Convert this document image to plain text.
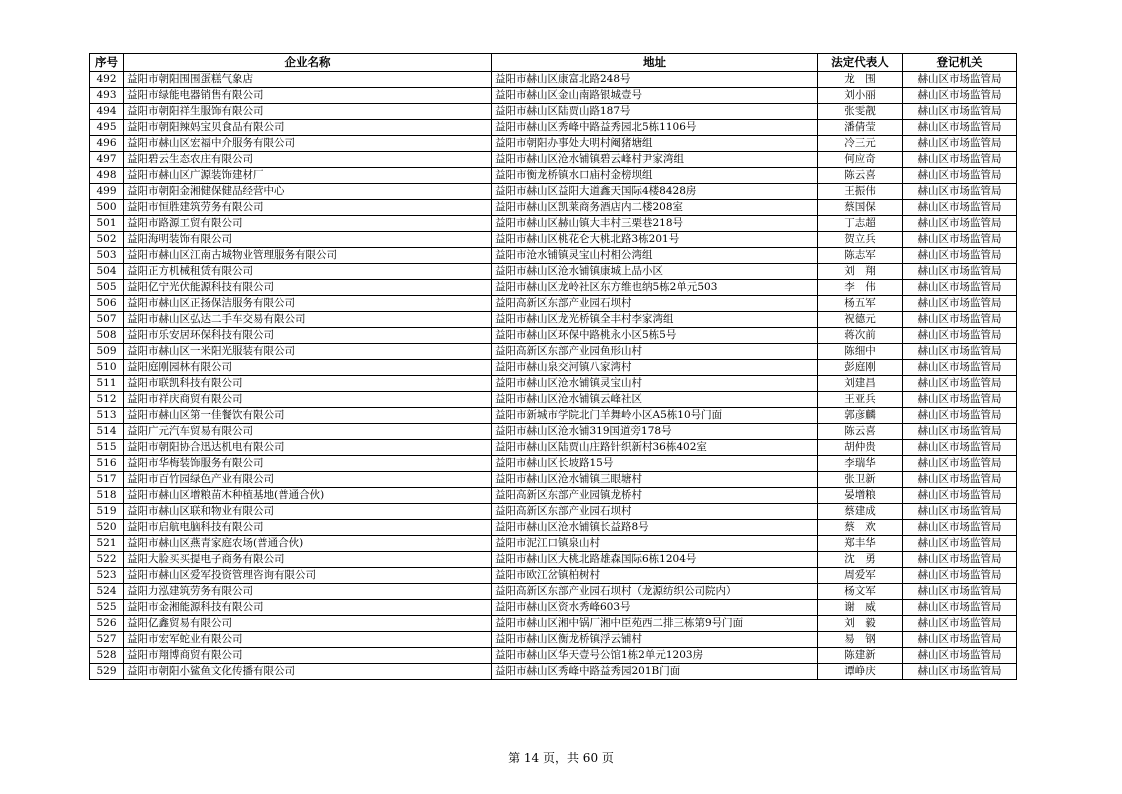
序号	企业名称	地址	法定代表人	登记机关
492	益阳市朝阳围围蛋糕气象店	益阳市赫山区康富北路248号	龙　围	赫山区市场监管局
493	益阳市绿能电器销售有限公司	益阳市赫山区金山南路银城壹号	刘小丽	赫山区市场监管局
494	益阳市朝阳祥生服饰有限公司	益阳市赫山区陆贾山路187号	张雯靓	赫山区市场监管局
495	益阳市朝阳辣妈宝贝食品有限公司	益阳市赫山区秀峰中路益秀园北5栋1106号	潘倩莹	赫山区市场监管局
496	益阳市赫山区宏福中介服务有限公司	益阳市朝阳办事处大明村阉猪塘组	冷三元	赫山区市场监管局
497	益阳碧云生态农庄有限公司	益阳市赫山区沧水铺镇碧云峰村尹家湾组	何应奇	赫山区市场监管局
498	益阳市赫山区广源装饰建材厂	益阳市衡龙桥镇水口庙村金榜坝组	陈云喜	赫山区市场监管局
499	益阳市朝阳金湘健保健品经营中心	益阳市赫山区益阳大道鑫天国际4楼8428房	王振伟	赫山区市场监管局
500	益阳市恒胜建筑劳务有限公司	益阳市赫山区凯莱商务酒店内二楼208室	蔡国保	赫山区市场监管局
501	益阳市路源工贸有限公司	益阳市赫山区赫山镇大丰村三栗巷218号	丁志超	赫山区市场监管局
502	益阳海明装饰有限公司	益阳市赫山区桃花仑大桃北路3栋201号	贺立兵	赫山区市场监管局
503	益阳市赫山区江南古城物业管理服务有限公司	益阳市沧水铺镇灵宝山村相公湾组	陈志军	赫山区市场监管局
504	益阳正方机械租赁有限公司	益阳市赫山区沧水铺镇康城上品小区	刘　翔	赫山区市场监管局
505	益阳亿宁光伏能源科技有限公司	益阳市赫山区龙岭社区东方维也纳5栋2单元503	李　伟	赫山区市场监管局
506	益阳市赫山区正扬保洁服务有限公司	益阳高新区东部产业园石坝村	杨五军	赫山区市场监管局
507	益阳市赫山区弘达二手车交易有限公司	益阳市赫山区龙光桥镇全丰村李家湾组	祝德元	赫山区市场监管局
508	益阳市乐安居环保科技有限公司	益阳市赫山区环保中路桃永小区5栋5号	蒋次前	赫山区市场监管局
509	益阳市赫山区一米阳光服装有限公司	益阳高新区东部产业园鱼形山村	陈细中	赫山区市场监管局
510	益阳庭刚园林有限公司	益阳市赫山泉交河镇八家湾村	彭庭刚	赫山区市场监管局
511	益阳市联凯科技有限公司	益阳市赫山区沧水铺镇灵宝山村	刘建昌	赫山区市场监管局
512	益阳市祥庆商贸有限公司	益阳市赫山区沧水铺镇云峰社区	王亚兵	赫山区市场监管局
513	益阳市赫山区第一佳餐饮有限公司	益阳市新城市学院北门羊舞岭小区A5栋10号门面	郭彦麟	赫山区市场监管局
514	益阳广元汽车贸易有限公司	益阳市赫山区沧水铺319国道旁178号	陈云喜	赫山区市场监管局
515	益阳市朝阳协合迅达机电有限公司	益阳市赫山区陆贾山庄路针织新村36栋402室	胡仲贵	赫山区市场监管局
516	益阳市华梅装饰服务有限公司	益阳市赫山区长坡路15号	李瑞华	赫山区市场监管局
517	益阳市百竹园绿色产业有限公司	益阳市赫山区沧水铺镇三眼塘村	张卫新	赫山区市场监管局
518	益阳市赫山区增粮苗木种植基地(普通合伙)	益阳高新区东部产业园镇龙桥村	晏增粮	赫山区市场监管局
519	益阳市赫山区联和物业有限公司	益阳高新区东部产业园石坝村	蔡建成	赫山区市场监管局
520	益阳市启航电脑科技有限公司	益阳市赫山区沧水铺镇长益路8号	蔡　欢	赫山区市场监管局
521	益阳市赫山区燕青家庭农场(普通合伙)	益阳市泥江口镇泉山村	郑丰华	赫山区市场监管局
522	益阳大脸买买提电子商务有限公司	益阳市赫山区大桃北路雄森国际6栋1204号	沈　勇	赫山区市场监管局
523	益阳市赫山区爱军投资管理咨询有限公司	益阳市欧江岔镇柏树村	周爱军	赫山区市场监管局
524	益阳力泓建筑劳务有限公司	益阳高新区东部产业园石坝村（龙源纺织公司院内）	杨文军	赫山区市场监管局
525	益阳市金湘能源科技有限公司	益阳市赫山区资水秀峰603号	谢　威	赫山区市场监管局
526	益阳亿鑫贸易有限公司	益阳市赫山区湘中锅厂湘中臣苑西二排三栋第9号门面	刘　毅	赫山区市场监管局
527	益阳市宏军蛇业有限公司	益阳市赫山区衡龙桥镇浮云铺村	易　钢	赫山区市场监管局
528	益阳市翔博商贸有限公司	益阳市赫山区华天壹号公馆1栋2单元1203房	陈建新	赫山区市场监管局
529	益阳市朝阳小鲨鱼文化传播有限公司	益阳市赫山区秀峰中路益秀园201B门面	谭峥庆	赫山区市场监管局
第 14 页，共 60 页
